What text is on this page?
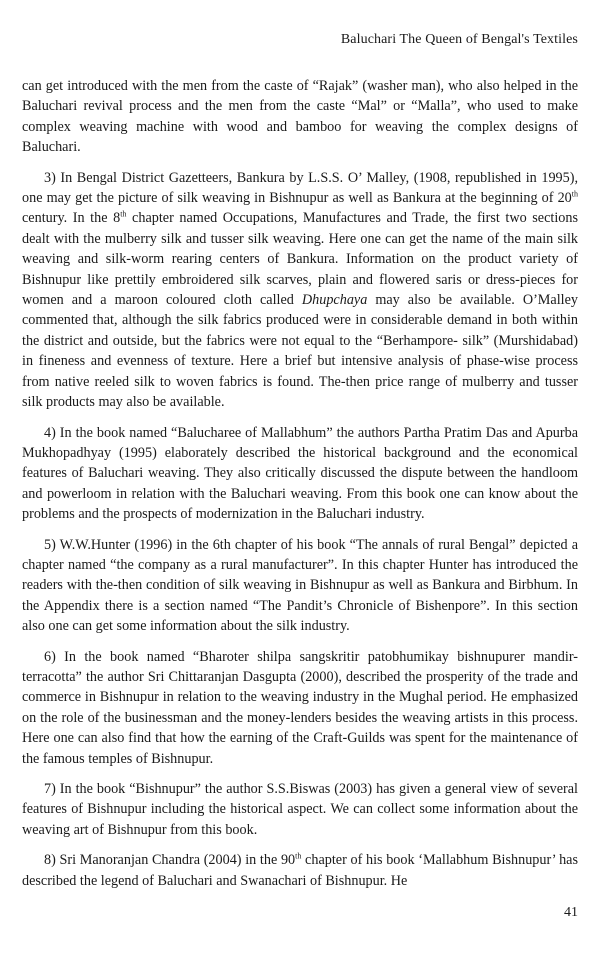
Baluchari The Queen of Bengal's Textiles

can get introduced with the men from the caste of “Rajak” (washer man), who also helped in the Baluchari revival process and the men from the caste “Mal” or “Malla”, who used to make complex weaving machine with wood and bamboo for weaving the complex designs of Baluchari.

3) In Bengal District Gazetteers, Bankura by L.S.S. O’ Malley, (1908, republished in 1995), one may get the picture of silk weaving in Bishnupur as well as Bankura at the beginning of 20th century. In the 8th chapter named Occupations, Manufactures and Trade, the first two sections dealt with the mulberry silk and tusser silk weaving. Here one can get the name of the main silk weaving and silk-worm rearing centers of Bankura. Information on the product variety of Bishnupur like prettily embroidered silk scarves, plain and flowered saris or dress-pieces for women and a maroon coloured cloth called Dhupchaya may also be available. O’Malley commented that, although the silk fabrics produced were in considerable demand in both within the district and outside, but the fabrics were not equal to the “Berhampore- silk” (Murshidabad) in fineness and evenness of texture. Here a brief but intensive analysis of phase-wise process from native reeled silk to woven fabrics is found. The-then price range of mulberry and tusser silk products may also be available.

4) In the book named “Balucharee of Mallabhum” the authors Partha Pratim Das and Apurba Mukhopadhyay (1995) elaborately described the historical background and the economical features of Baluchari weaving. They also critically discussed the dispute between the handloom and powerloom in relation with the Baluchari weaving. From this book one can know about the problems and the prospects of modernization in the Baluchari industry.

5) W.W.Hunter (1996) in the 6th chapter of his book “The annals of rural Bengal” depicted a chapter named “the company as a rural manufacturer”. In this chapter Hunter has introduced the readers with the-then condition of silk weaving in Bishnupur as well as Bankura and Birbhum. In the Appendix there is a section named “The Pandit’s Chronicle of Bishenpore”. In this section also one can get some information about the silk industry.

6) In the book named “Bharoter shilpa sangskritir patobhumikay bishnupurer mandir- terracotta” the author Sri Chittaranjan Dasgupta (2000), described the prosperity of the trade and commerce in Bishnupur in relation to the weaving industry in the Mughal period. He emphasized on the role of the businessman and the money-lenders besides the weaving artists in this process. Here one can also find that how the earning of the Craft-Guilds was spent for the maintenance of the famous temples of Bishnupur.

7) In the book “Bishnupur” the author S.S.Biswas (2003) has given a general view of several features of Bishnupur including the historical aspect. We can collect some information about the weaving art of Bishnupur from this book.

8) Sri Manoranjan Chandra (2004) in the 90th chapter of his book ‘Mallabhum Bishnupur’ has described the legend of Baluchari and Swanachari of Bishnupur. He

41
